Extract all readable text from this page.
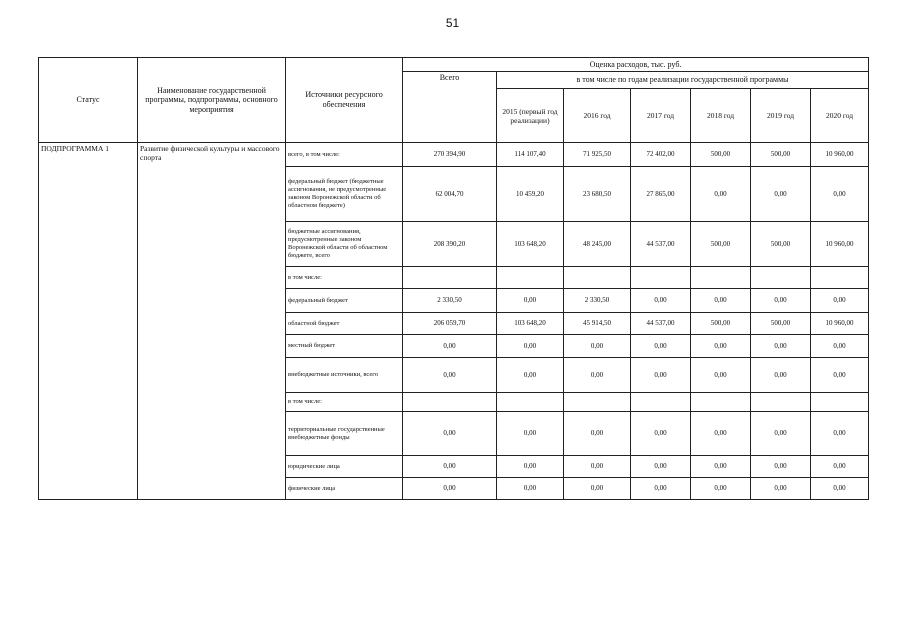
51
Статус	Наименование государственной программы, подпрограммы, основного мероприятия	Источники ресурсного обеспечения	Оценка расходов, тыс. руб.						
			Всего	в том числе по годам реализации государственной программы					
				2015 (первый год реализации)	2016 год	2017 год	2018 год	2019 год	2020 год
ПОДПРОГРАММА 1	Развитие физической культуры и массового спорта	всего, в том числе:	270 394,90	114 107,40	71 925,50	72 402,00	500,00	500,00	10 960,00
		федеральный бюджет (бюджетные ассигнования, не предусмотренные законом Воронежской области об областном бюджете)	62 004,70	10 459,20	23 680,50	27 865,00	0,00	0,00	0,00
		бюджетные ассигнования, предусмотренные законом Воронежской области об областном бюджете, всего	208 390,20	103 648,20	48 245,00	44 537,00	500,00	500,00	10 960,00
		в том числе:							
		федеральный бюджет	2 330,50	0,00	2 330,50	0,00	0,00	0,00	0,00
		областной бюджет	206 059,70	103 648,20	45 914,50	44 537,00	500,00	500,00	10 960,00
		местный бюджет	0,00	0,00	0,00	0,00	0,00	0,00	0,00
		внебюджетные источники, всего	0,00	0,00	0,00	0,00	0,00	0,00	0,00
		в том числе:							
		территориальные государственные внебюджетные фонды	0,00	0,00	0,00	0,00	0,00	0,00	0,00
		юридические лица	0,00	0,00	0,00	0,00	0,00	0,00	0,00
		физические лица	0,00	0,00	0,00	0,00	0,00	0,00	0,00
